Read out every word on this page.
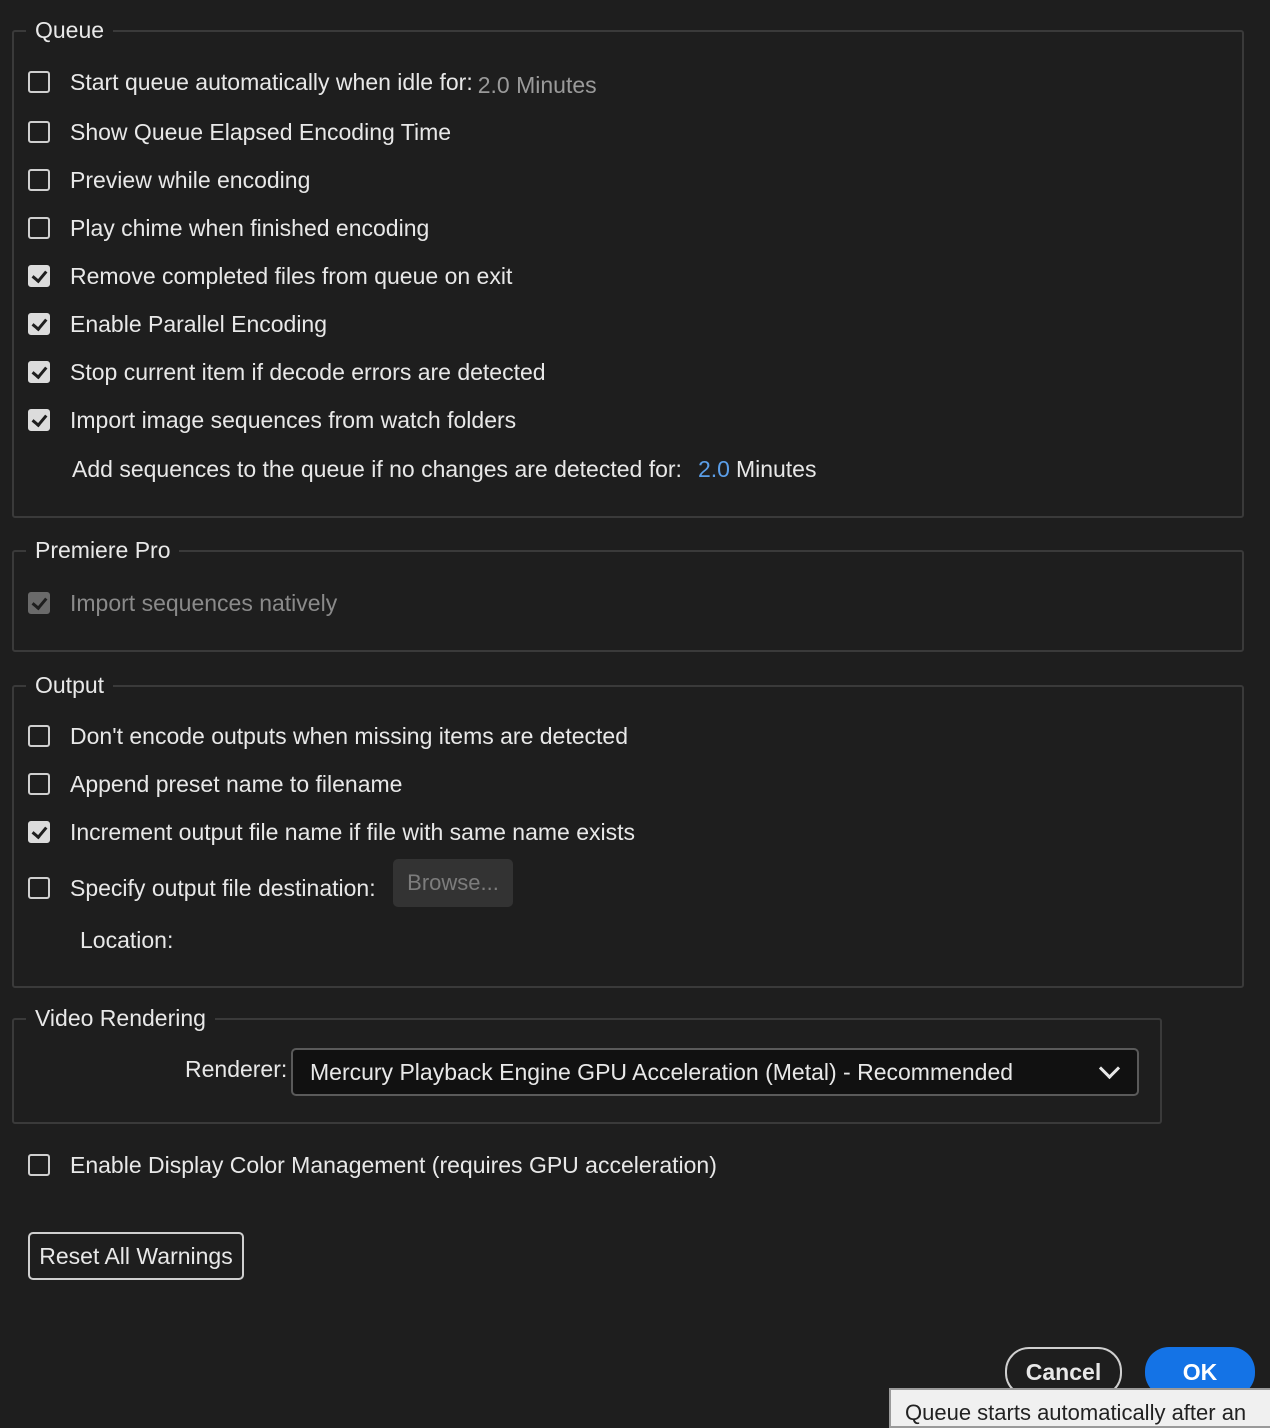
Queue
Start queue automatically when idle for: 2.0 Minutes
Show Queue Elapsed Encoding Time
Preview while encoding
Play chime when finished encoding
Remove completed files from queue on exit
Enable Parallel Encoding
Stop current item if decode errors are detected
Import image sequences from watch folders
Add sequences to the queue if no changes are detected for: 2.0 Minutes
Premiere Pro
Import sequences natively
Output
Don't encode outputs when missing items are detected
Append preset name to filename
Increment output file name if file with same name exists
Specify output file destination:	Browse...
Location:
Video Rendering
Renderer: Mercury Playback Engine GPU Acceleration (Metal) - Recommended
Enable Display Color Management (requires GPU acceleration)
Reset All Warnings
Cancel	OK
Queue starts automatically after an
